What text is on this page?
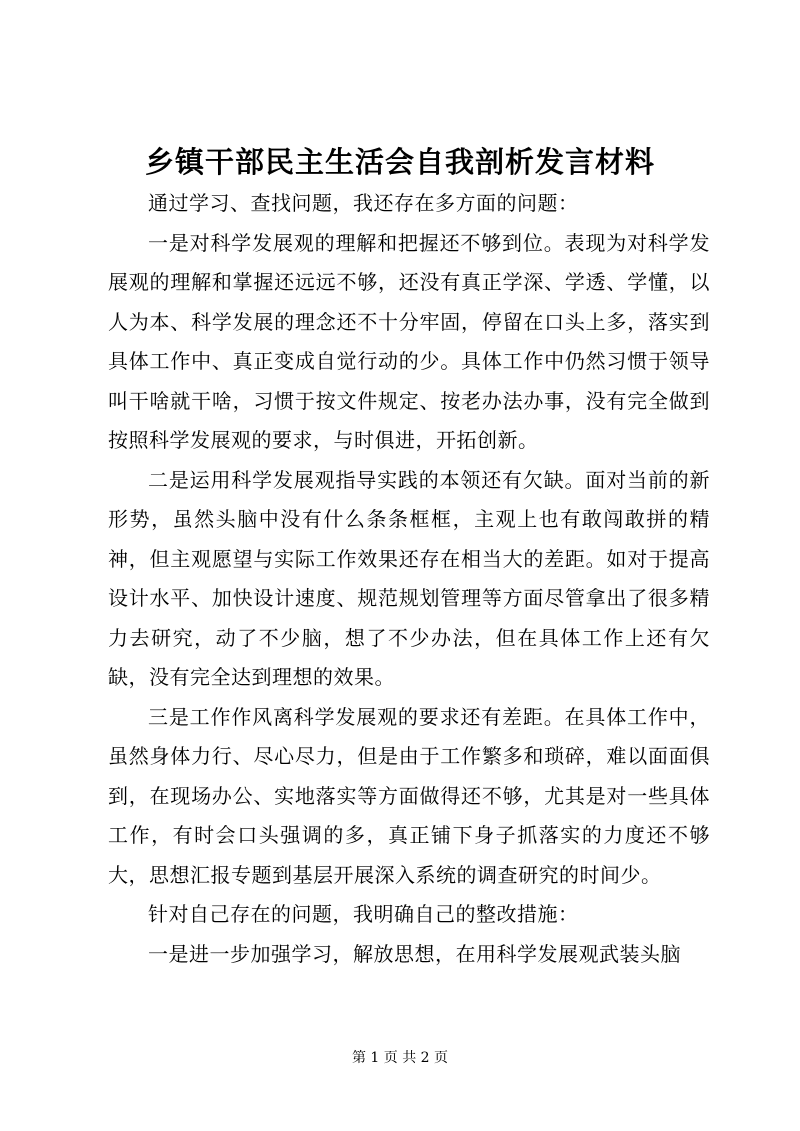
乡镇干部民主生活会自我剖析发言材料

通过学习、查找问题，我还存在多方面的问题：

一是对科学发展观的理解和把握还不够到位。表现为对科学发展观的理解和掌握还远远不够，还没有真正学深、学透、学懂，以人为本、科学发展的理念还不十分牢固，停留在口头上多，落实到具体工作中、真正变成自觉行动的少。具体工作中仍然习惯于领导叫干啥就干啥，习惯于按文件规定、按老办法办事，没有完全做到按照科学发展观的要求，与时俱进，开拓创新。

二是运用科学发展观指导实践的本领还有欠缺。面对当前的新形势，虽然头脑中没有什么条条框框，主观上也有敢闯敢拼的精神，但主观愿望与实际工作效果还存在相当大的差距。如对于提高设计水平、加快设计速度、规范规划管理等方面尽管拿出了很多精力去研究，动了不少脑，想了不少办法，但在具体工作上还有欠缺，没有完全达到理想的效果。

三是工作作风离科学发展观的要求还有差距。在具体工作中，虽然身体力行、尽心尽力，但是由于工作繁多和琐碎，难以面面俱到，在现场办公、实地落实等方面做得还不够，尤其是对一些具体工作，有时会口头强调的多，真正铺下身子抓落实的力度还不够大，思想汇报专题到基层开展深入系统的调查研究的时间少。

针对自己存在的问题，我明确自己的整改措施：

一是进一步加强学习，解放思想，在用科学发展观武装头脑

第 1 页 共 2 页
